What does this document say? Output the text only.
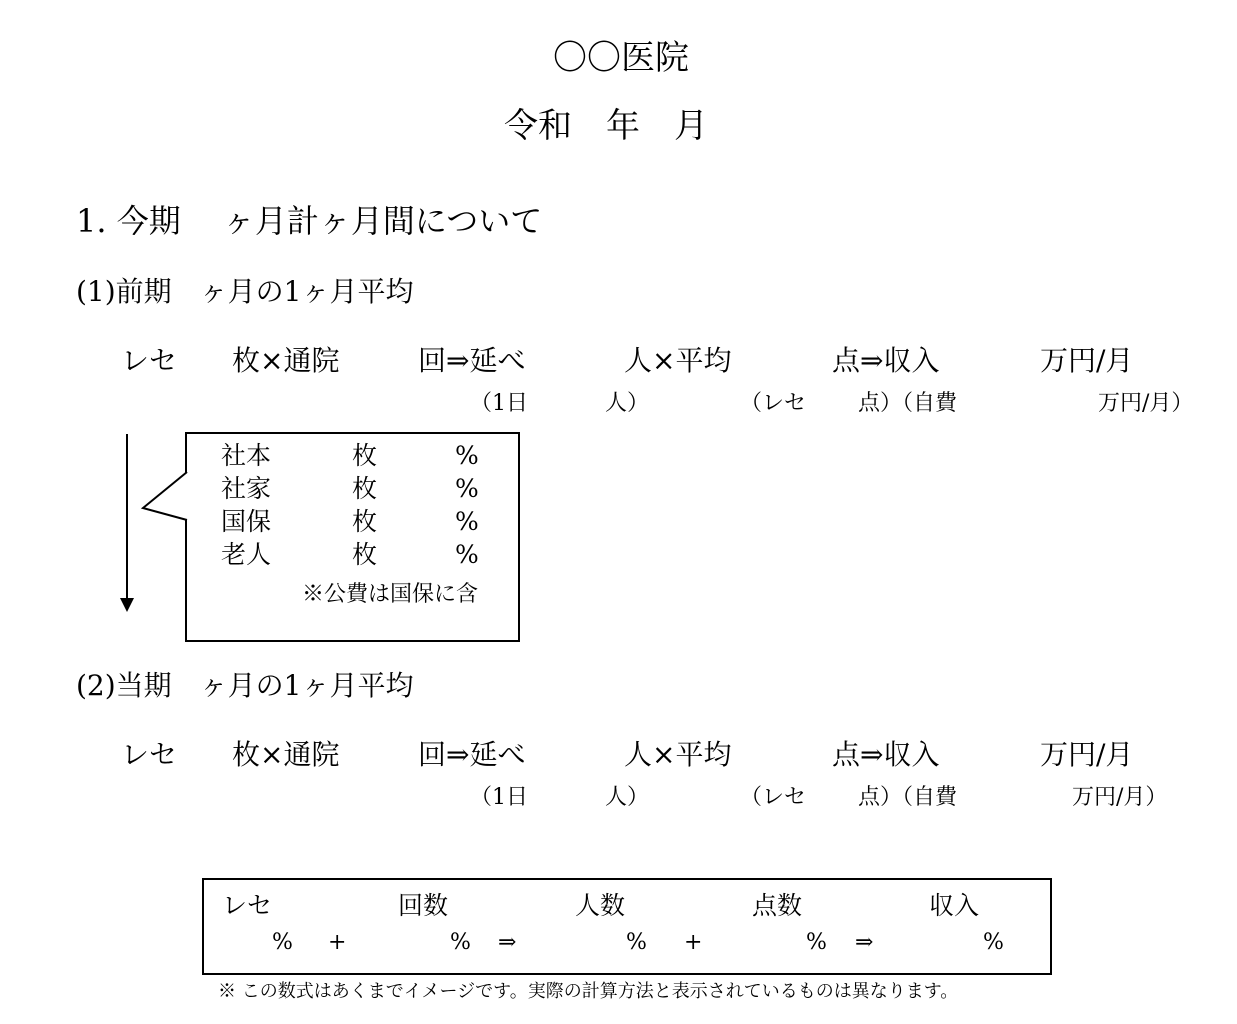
〇〇医院
令和　年　月
1. 今期　 ヶ月計ヶ月間について
(1)前期　ヶ月の1ヶ月平均
レセ 枚×通院	回⇒延べ	人×平均	点⇒収入	万円/月
（1日	人）	（レセ 点）（自費	万円/月）
社本	枚	%
社家	枚	%
国保	枚	%
老人	枚	%
※公費は国保に含
(2)当期　ヶ月の1ヶ月平均
レセ 枚×通院	回⇒延べ	人×平均	点⇒収入	万円/月
（1日	人）	（レセ 点）（自費	万円/月）
レセ	回数	人数	点数	収入
% +	% ⇒	% +	% ⇒	%
※ この数式はあくまでイメージです。実際の計算方法と表示されているものは異なります。
